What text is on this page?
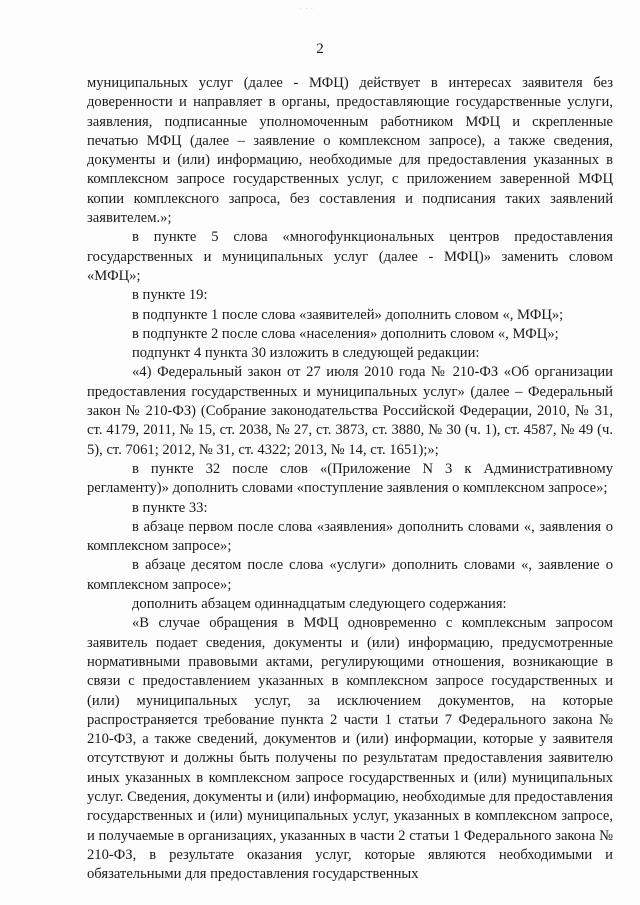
· · ·
2

муниципальных услуг (далее - МФЦ) действует в интересах заявителя без доверенности и направляет в органы, предоставляющие государственные услуги, заявления, подписанные уполномоченным работником МФЦ и скрепленные печатью МФЦ (далее – заявление о комплексном запросе), а также сведения, документы и (или) информацию, необходимые для предоставления указанных в комплексном запросе государственных услуг, с приложением заверенной МФЦ копии комплексного запроса, без составления и подписания таких заявлений заявителем.»;

в пункте 5 слова «многофункциональных центров предоставления государственных и муниципальных услуг (далее - МФЦ)» заменить словом «МФЦ»;

в пункте 19:

в подпункте 1 после слова «заявителей» дополнить словом «, МФЦ»;

в подпункте 2 после слова «населения» дополнить словом «, МФЦ»;

подпункт 4 пункта 30 изложить в следующей редакции:

«4) Федеральный закон от 27 июля 2010 года № 210-ФЗ «Об организации предоставления государственных и муниципальных услуг» (далее – Федеральный закон № 210-ФЗ) (Собрание законодательства Российской Федерации, 2010, № 31, ст. 4179, 2011, № 15, ст. 2038, № 27, ст. 3873, ст. 3880, № 30 (ч. 1), ст. 4587, № 49 (ч. 5), ст. 7061; 2012, № 31, ст. 4322; 2013, № 14, ст. 1651);»;

в пункте 32 после слов «(Приложение N 3 к Административному регламенту)» дополнить словами «поступление заявления о комплексном запросе»;

в пункте 33:

в абзаце первом после слова «заявления» дополнить словами «, заявления о комплексном запросе»;

в абзаце десятом после слова «услуги» дополнить словами «, заявление о комплексном запросе»;

дополнить абзацем одиннадцатым следующего содержания:

«В случае обращения в МФЦ одновременно с комплексным запросом заявитель подает сведения, документы и (или) информацию, предусмотренные нормативными правовыми актами, регулирующими отношения, возникающие в связи с предоставлением указанных в комплексном запросе государственных и (или) муниципальных услуг, за исключением документов, на которые распространяется требование пункта 2 части 1 статьи 7 Федерального закона № 210-ФЗ, а также сведений, документов и (или) информации, которые у заявителя отсутствуют и должны быть получены по результатам предоставления заявителю иных указанных в комплексном запросе государственных и (или) муниципальных услуг. Сведения, документы и (или) информацию, необходимые для предоставления государственных и (или) муниципальных услуг, указанных в комплексном запросе, и получаемые в организациях, указанных в части 2 статьи 1 Федерального закона № 210-ФЗ, в результате оказания услуг, которые являются необходимыми и обязательными для предоставления государственных
